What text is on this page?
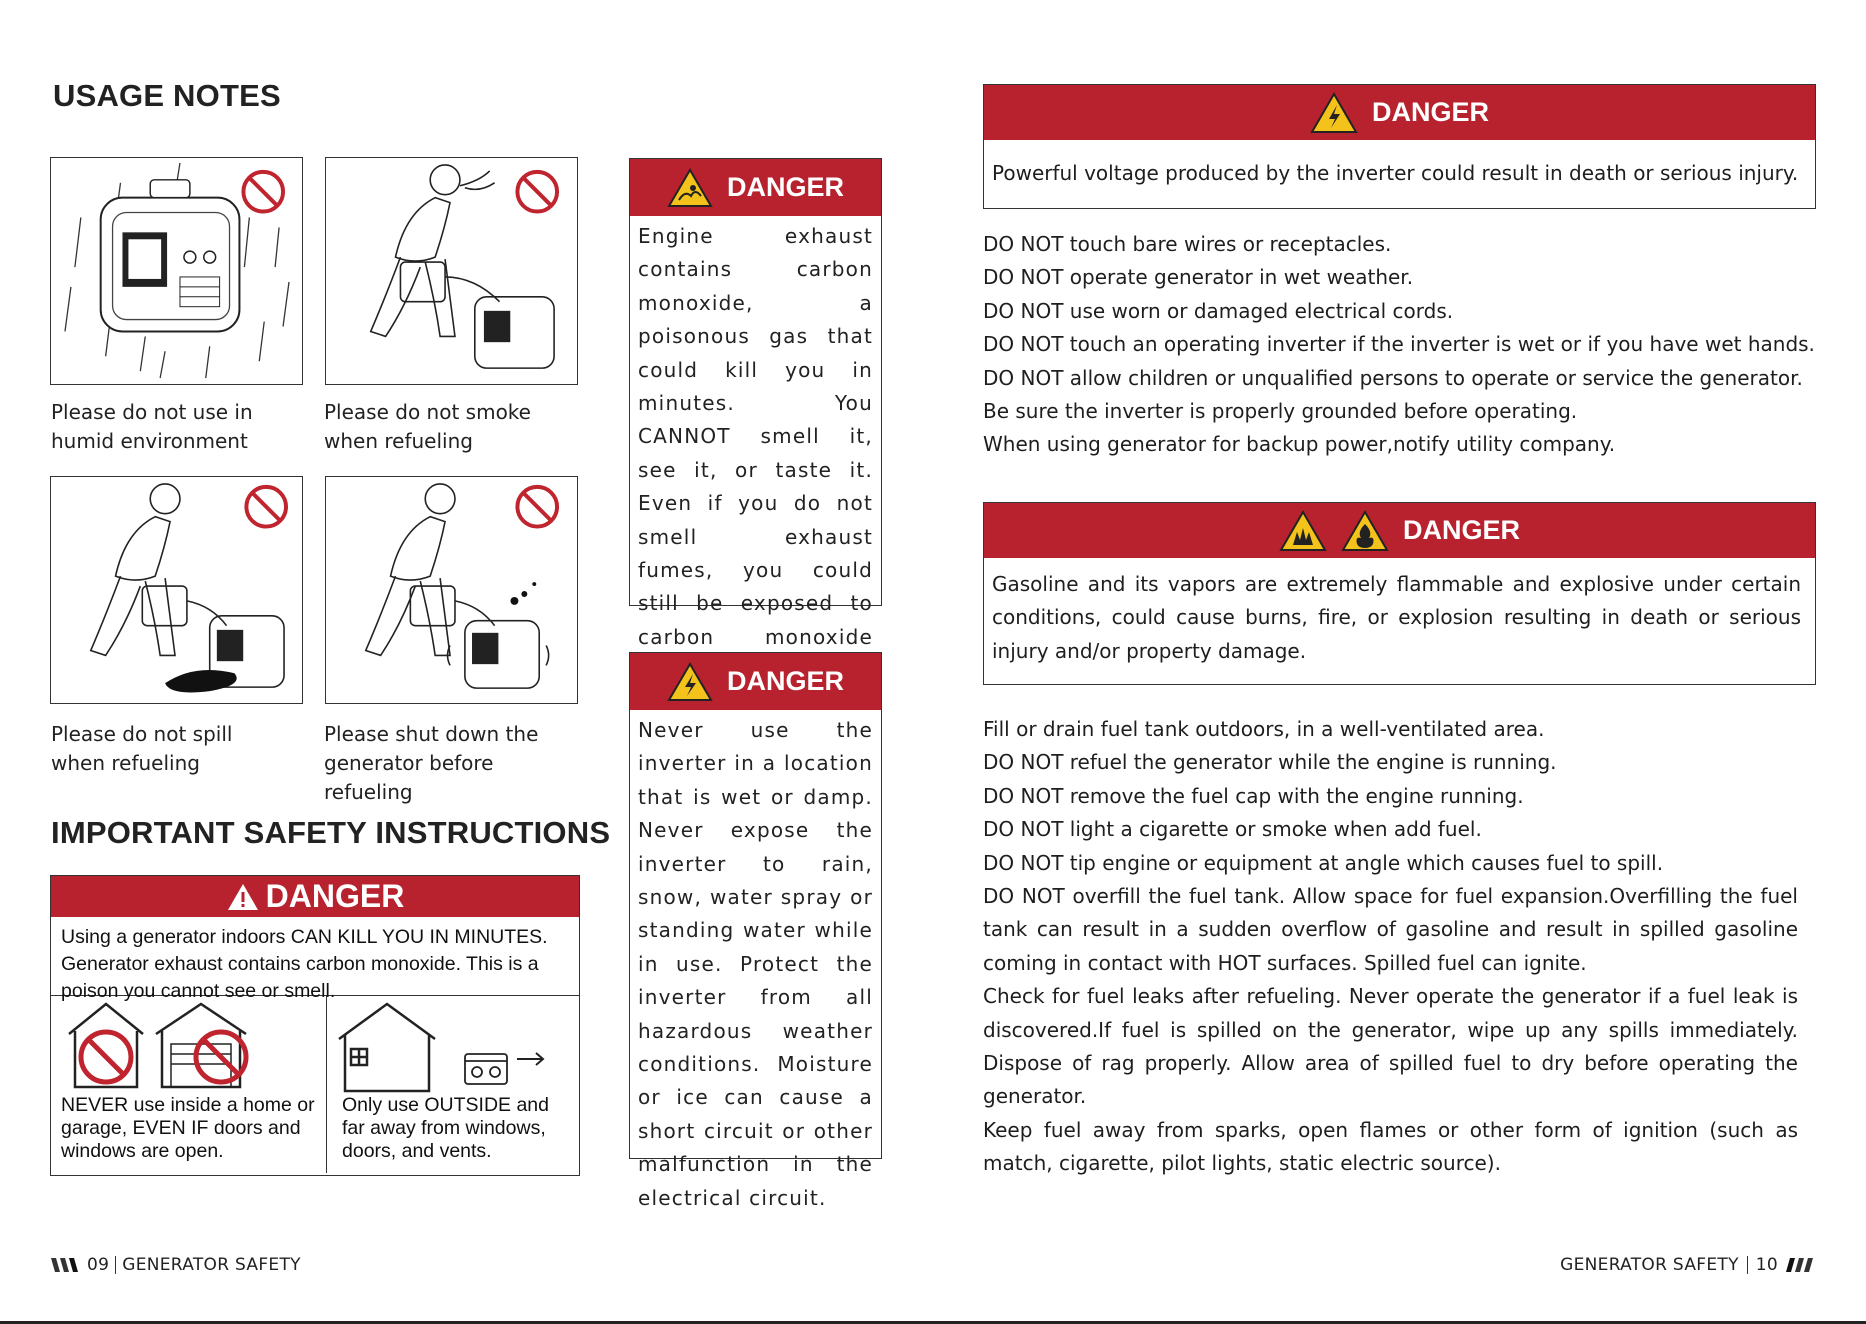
USAGE NOTES
Please do not use in humid environment
Please do not smoke when refueling
Please do not spill when refueling
Please shut down the generator before refueling
IMPORTANT SAFETY INSTRUCTIONS
DANGER
Using a generator indoors CAN KILL YOU IN MINUTES. Generator exhaust contains carbon monoxide. This is a poison you cannot see or smell.
NEVER use inside a home or garage, EVEN IF doors and windows are open.
Only use OUTSIDE and far away from windows, doors, and vents.
09 GENERATOR SAFETY
DANGER
Engine exhaust contains carbon monoxide, a poisonous gas that could kill you in minutes. You CANNOT smell it, see it, or taste it. Even if you do not smell exhaust fumes, you could still be exposed to carbon monoxide
DANGER
Never use the inverter in a location that is wet or damp. Never expose the inverter to rain, snow, water spray or standing water while in use. Protect the inverter from all hazardous weather conditions. Moisture or ice can cause a short circuit or other malfunction in the electrical circuit.
DANGER
Powerful voltage produced by the inverter could result in death or serious injury.

DO NOT touch bare wires or receptacles.

DO NOT operate generator in wet weather.

DO NOT use worn or damaged electrical cords.

DO NOT touch an operating inverter if the inverter is wet or if you have wet hands.

DO NOT allow children or unqualified persons to operate or service the generator.

Be sure the inverter is properly grounded before operating.

When using generator for backup power,notify utility company.

DANGER
Gasoline and its vapors are extremely flammable and explosive under certain conditions, could cause burns, fire, or explosion resulting in death or serious injury and/or property damage.

Fill or drain fuel tank outdoors, in a well-ventilated area.

DO NOT refuel the generator while the engine is running.

DO NOT remove the fuel cap with the engine running.

DO NOT light a cigarette or smoke when add fuel.

DO NOT tip engine or equipment at angle which causes fuel to spill.

DO NOT overfill the fuel tank. Allow space for fuel expansion.Overfilling the fuel tank can result in a sudden overflow of gasoline and result in spilled gasoline coming in contact with HOT surfaces. Spilled fuel can ignite.

Check for fuel leaks after refueling. Never operate the generator if a fuel leak is discovered.If fuel is spilled on the generator, wipe up any spills immediately. Dispose of rag properly. Allow area of spilled fuel to dry before operating the generator.

Keep fuel away from sparks, open flames or other form of ignition (such as match, cigarette, pilot lights, static electric source).

GENERATOR SAFETY 10
